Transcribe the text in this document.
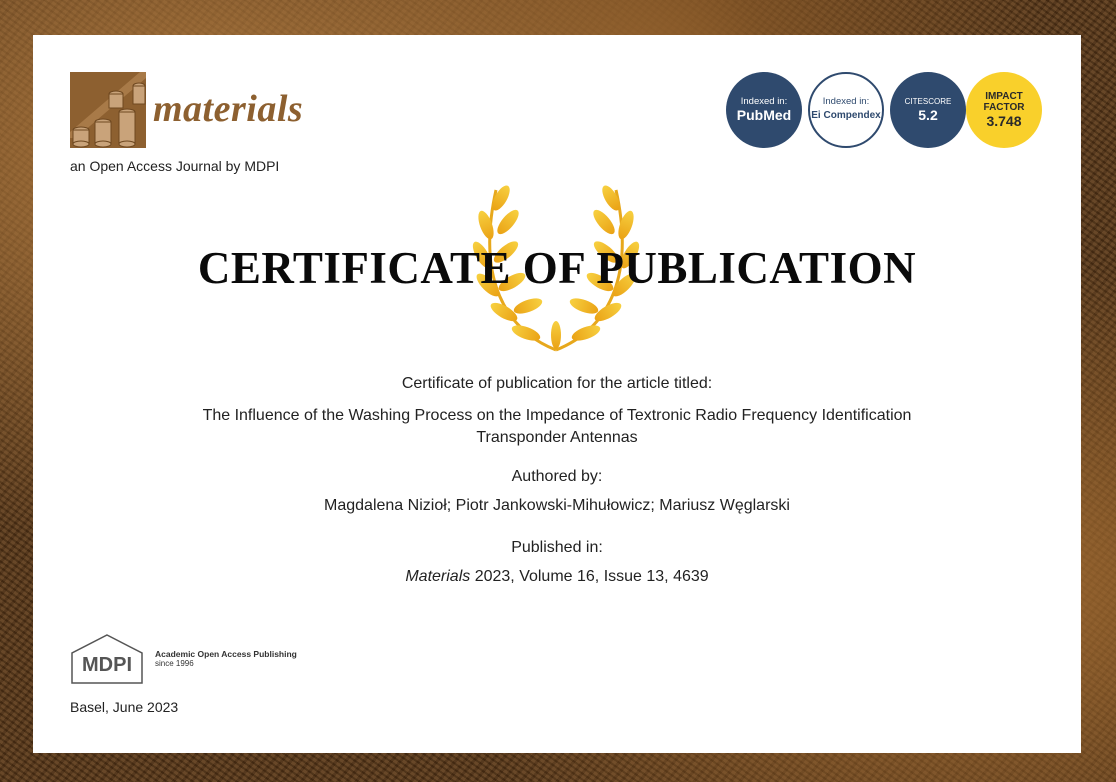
materials
an Open Access Journal by MDPI
Indexed in:
PubMed
Indexed in:
Ei Compendex
CITESCORE
5.2
IMPACT FACTOR
3.748
CERTIFICATE OF PUBLICATION
Certificate of publication for the article titled:
The Influence of the Washing Process on the Impedance of Textronic Radio Frequency Identification Transponder Antennas
Authored by:
Magdalena Nizioł; Piotr Jankowski-Mihułowicz; Mariusz Węglarski
Published in:
Materials 2023, Volume 16, Issue 13, 4639
MDPI	Academic Open Access Publishing
since 1996
Basel, June 2023
